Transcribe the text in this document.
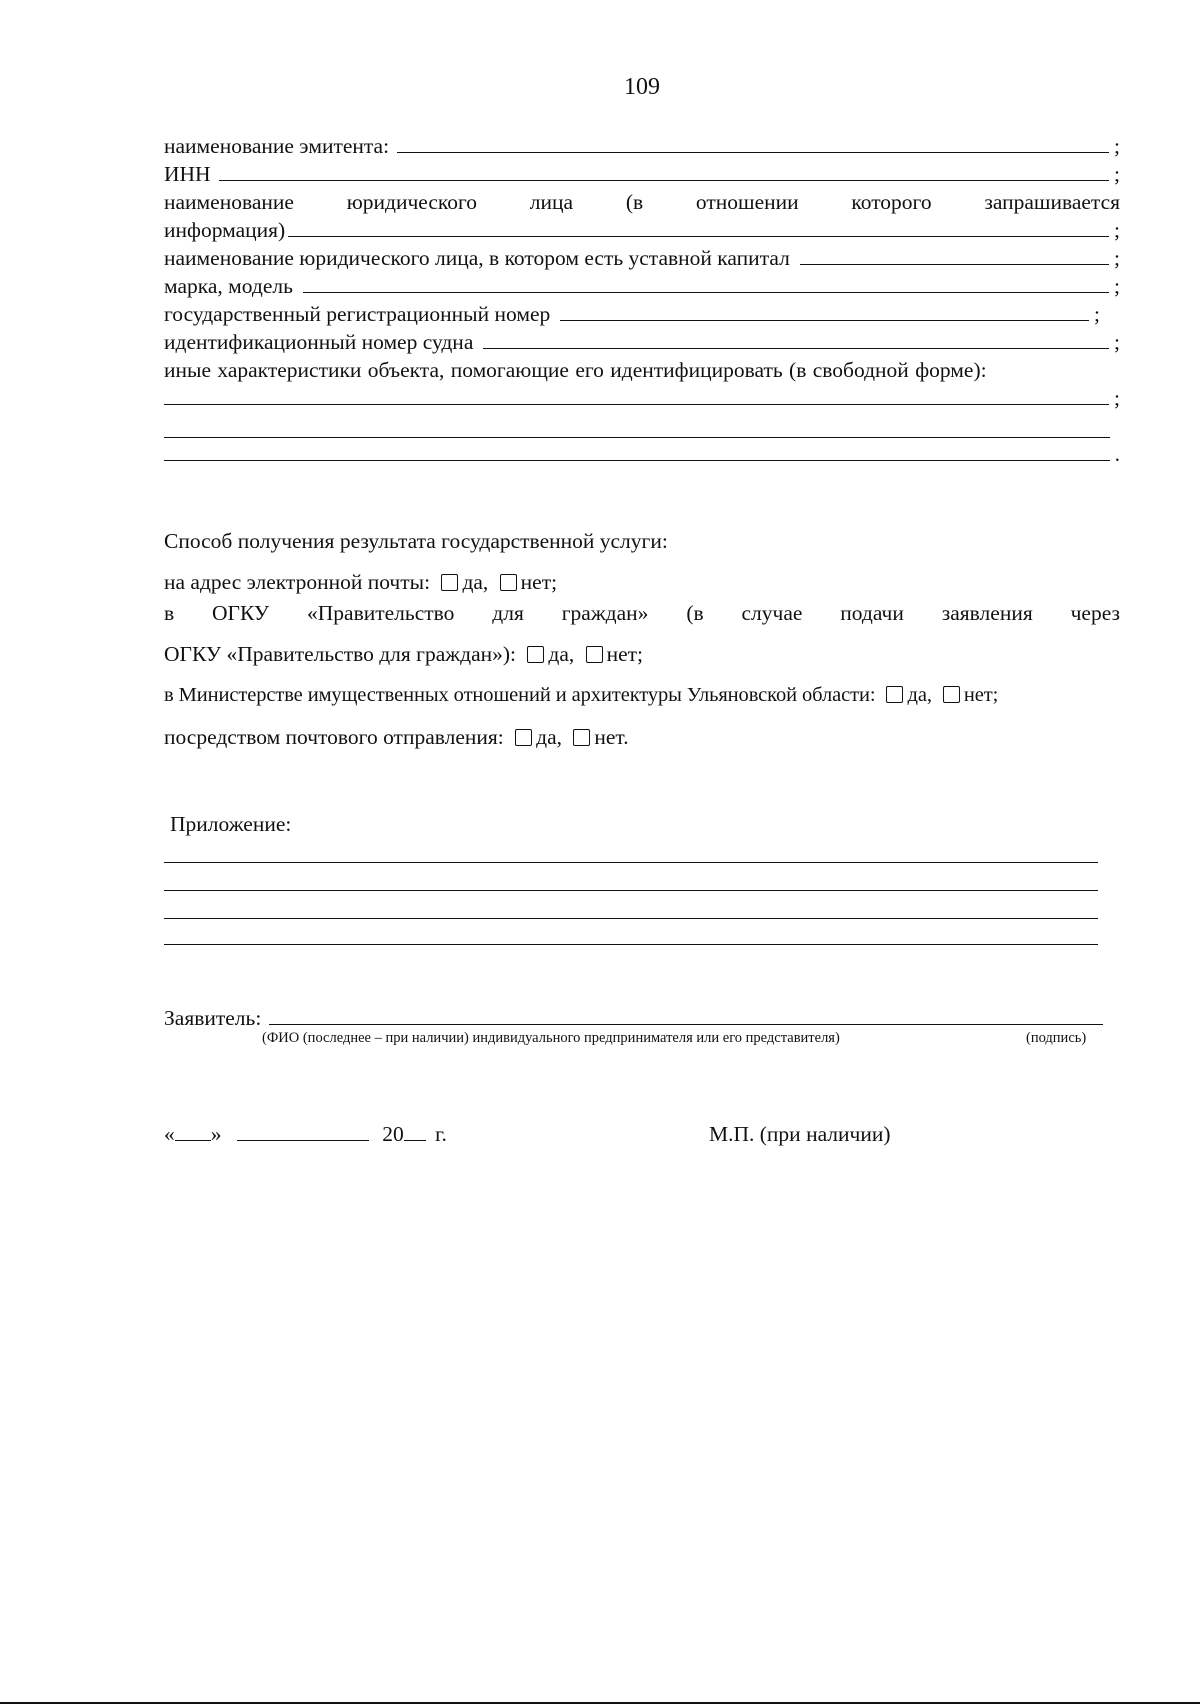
109
наименование эмитента:	;
ИНН	;
наименование юридического лица (в отношении которого запрашивается
информация)	;
наименование юридического лица, в котором есть уставной капитал	;
марка, модель	;
государственный регистрационный номер	;
идентификационный номер судна	;
иные характеристики объекта, помогающие его идентифицировать (в свободной форме):
;
.
Способ получения результата государственной услуги:
на адрес электронной почты: да, нет;
в ОГКУ «Правительство для граждан» (в случае подачи заявления через
ОГКУ «Правительство для граждан»): да, нет;
в Министерстве имущественных отношений и архитектуры Ульяновской области: да, нет;
посредством почтового отправления: да, нет.
Приложение:
Заявитель:
(ФИО (последнее – при наличии) индивидуального предпринимателя или его представителя)	(подпись)
« »	20 г.	М.П. (при наличии)
